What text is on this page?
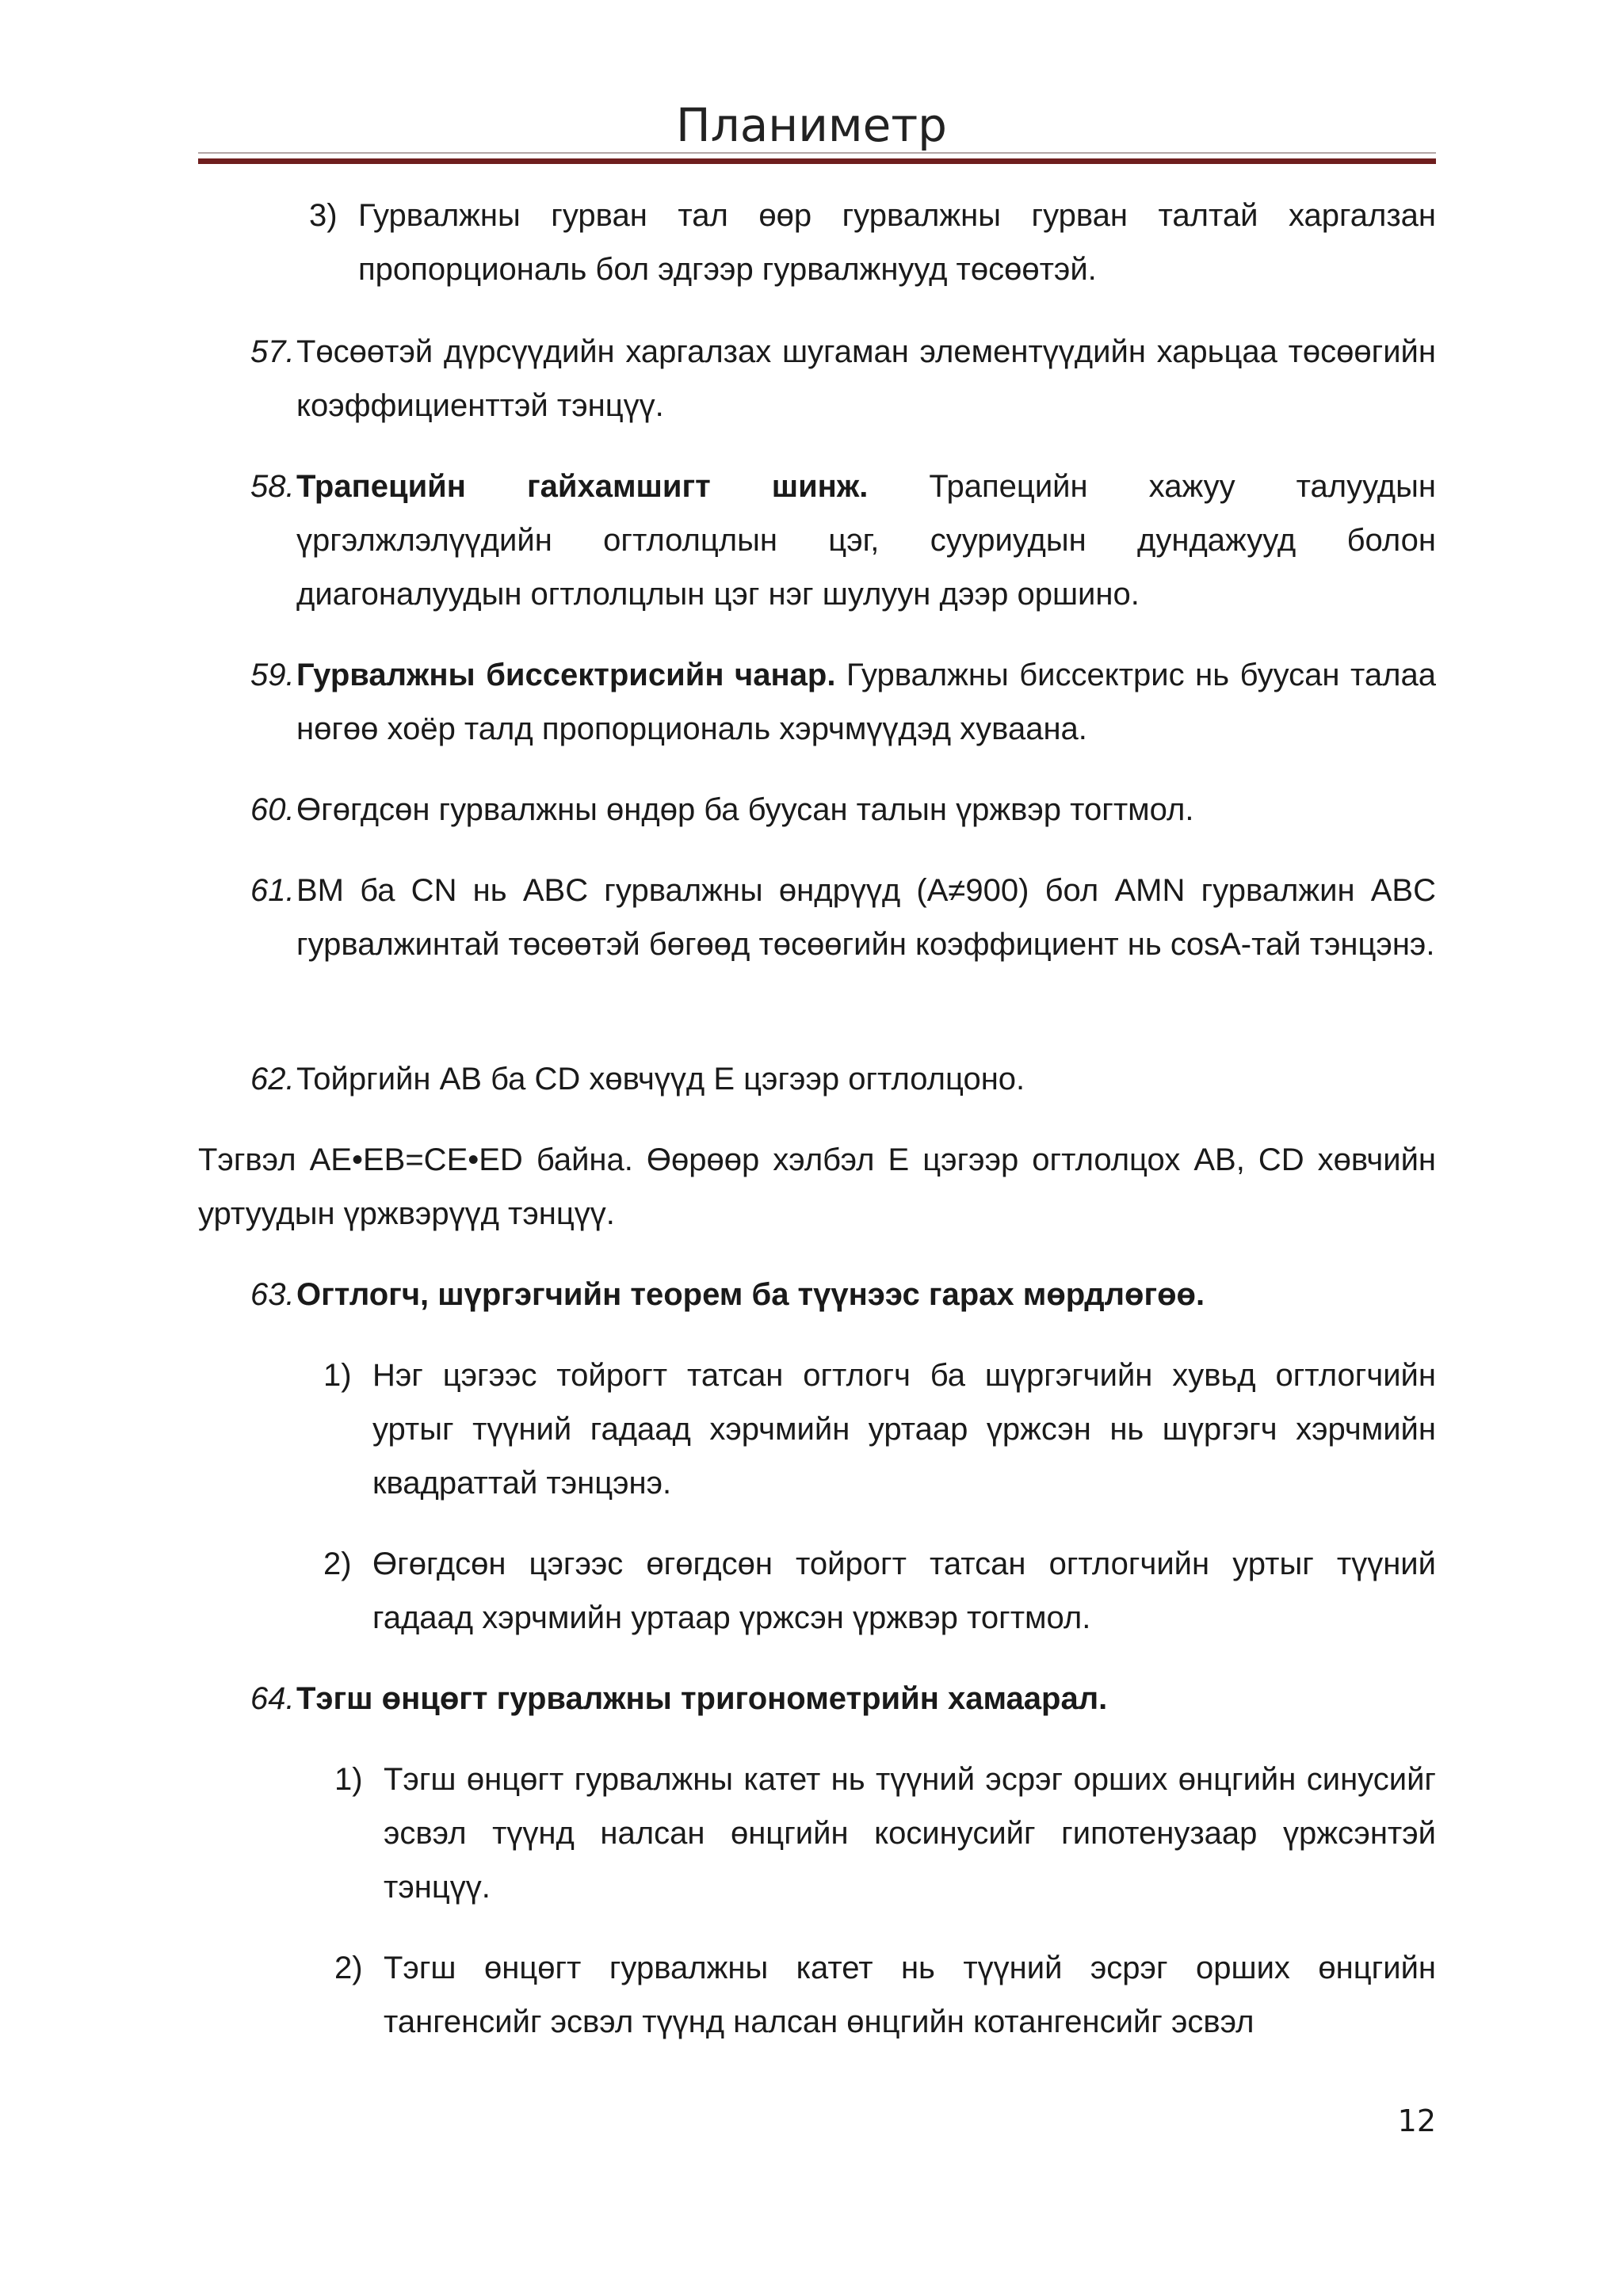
Планиметр
3) Гурвалжны гурван тал өөр гурвалжны гурван талтай харгалзан пропорциональ бол эдгээр гурвалжнууд төсөөтэй.
57. Төсөөтэй дүрсүүдийн харгалзах шугаман элементүүдийн харьцаа төсөөгийн коэффициенттэй тэнцүү.
58. Трапецийн гайхамшигт шинж. Трапецийн хажуу талуудын үргэлжлэлүүдийн огтлолцлын цэг, сууриудын дундажууд болон диагоналуудын огтлолцлын цэг нэг шулуун дээр оршино.
59. Гурвалжны биссектрисийн чанар. Гурвалжны биссектрис нь буусан талаа нөгөө хоёр талд пропорциональ хэрчмүүдэд хуваана.
60. Өгөгдсөн гурвалжны өндөр ба буусан талын үржвэр тогтмол.
61. BM ба CN нь ABC гурвалжны өндрүүд (A≠900) бол AMN гурвалжин ABC гурвалжинтай төсөөтэй бөгөөд төсөөгийн коэффициент нь cosA-тай тэнцэнэ.
62. Тойргийн AB ба CD хөвчүүд E цэгээр огтлолцоно.
Тэгвэл AE•EB=CE•ED байна. Өөрөөр хэлбэл E цэгээр огтлолцох AB, CD хөвчийн уртуудын үржвэрүүд тэнцүү.
63. Огтлогч, шүргэгчийн теорем ба түүнээс гарах мөрдлөгөө.
1) Нэг цэгээс тойрогт татсан огтлогч ба шүргэгчийн хувьд огтлогчийн уртыг түүний гадаад хэрчмийн уртаар үржсэн нь шүргэгч хэрчмийн квадраттай тэнцэнэ.
2) Өгөгдсөн цэгээс өгөгдсөн тойрогт татсан огтлогчийн уртыг түүний гадаад хэрчмийн уртаар үржсэн үржвэр тогтмол.
64. Тэгш өнцөгт гурвалжны тригонометрийн хамаарал.
1) Тэгш өнцөгт гурвалжны катет нь түүний эсрэг орших өнцгийн синусийг эсвэл түүнд налсан өнцгийн косинусийг гипотенузаар үржсэнтэй тэнцүү.
2) Тэгш өнцөгт гурвалжны катет нь түүний эсрэг орших өнцгийн тангенсийг эсвэл түүнд налсан өнцгийн котангенсийг эсвэл
12
